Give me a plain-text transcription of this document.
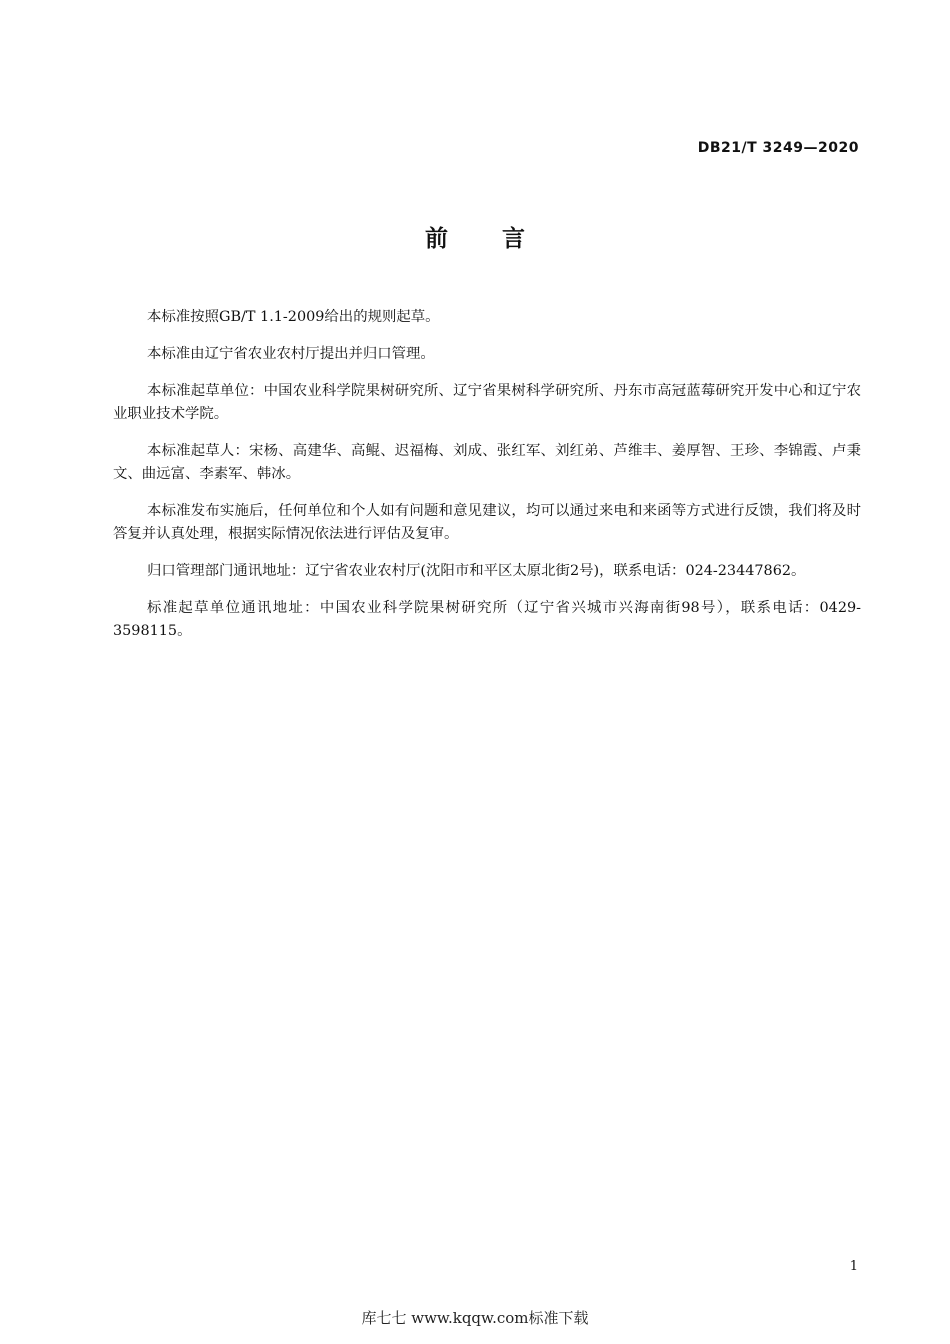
DB21/T 3249—2020
前言

本标准按照GB/T 1.1-2009给出的规则起草。

本标准由辽宁省农业农村厅提出并归口管理。

本标准起草单位：中国农业科学院果树研究所、辽宁省果树科学研究所、丹东市高冠蓝莓研究开发中心和辽宁农业职业技术学院。

本标准起草人：宋杨、高建华、高鲲、迟福梅、刘成、张红军、刘红弟、芦维丰、姜厚智、王珍、李锦霞、卢秉文、曲远富、李素军、韩冰。

本标准发布实施后，任何单位和个人如有问题和意见建议，均可以通过来电和来函等方式进行反馈，我们将及时答复并认真处理，根据实际情况依法进行评估及复审。

归口管理部门通讯地址：辽宁省农业农村厅(沈阳市和平区太原北街2号)，联系电话：024-23447862。

标准起草单位通讯地址：中国农业科学院果树研究所（辽宁省兴城市兴海南街98号），联系电话：0429-3598115。

1
库七七 www.kqqw.com标准下载
